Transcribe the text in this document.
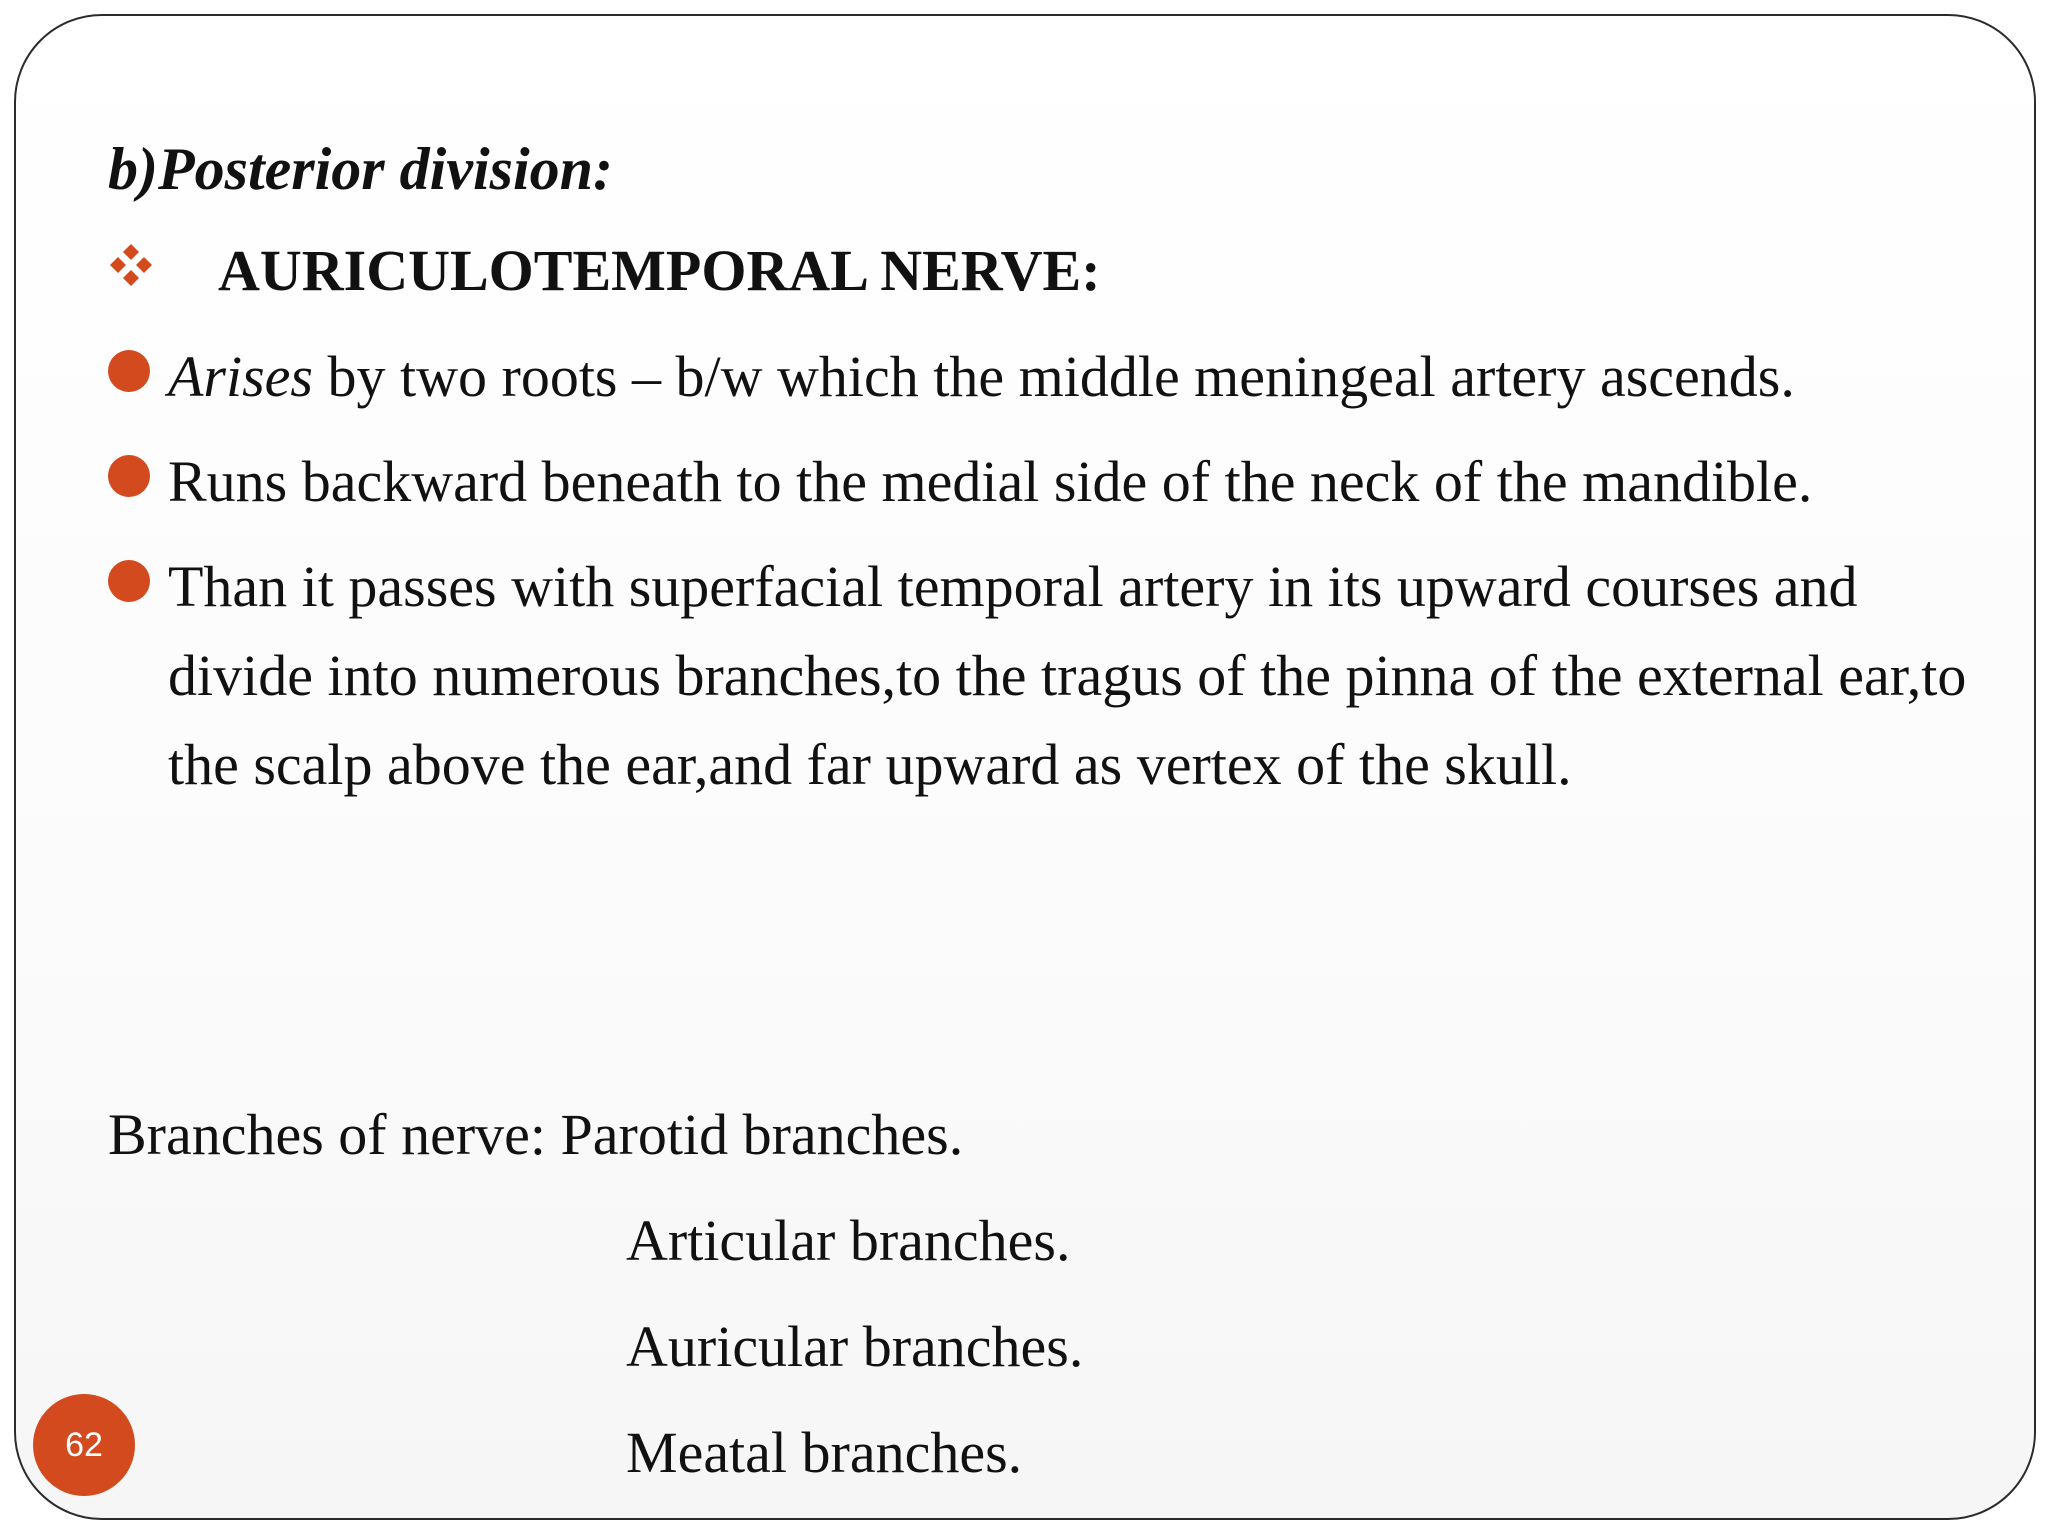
b)Posterior division:
AURICULOTEMPORAL NERVE:
Arises by two roots – b/w which the middle meningeal artery ascends.
Runs backward beneath to the medial side of the neck of the mandible.
Than it passes with superfacial temporal artery in its upward courses and divide into numerous branches,to the tragus of the pinna of the external ear,to the scalp above the ear,and far upward as vertex of the skull.
Branches of nerve: Parotid branches.
Articular branches.
Auricular branches.
Meatal branches.
62
